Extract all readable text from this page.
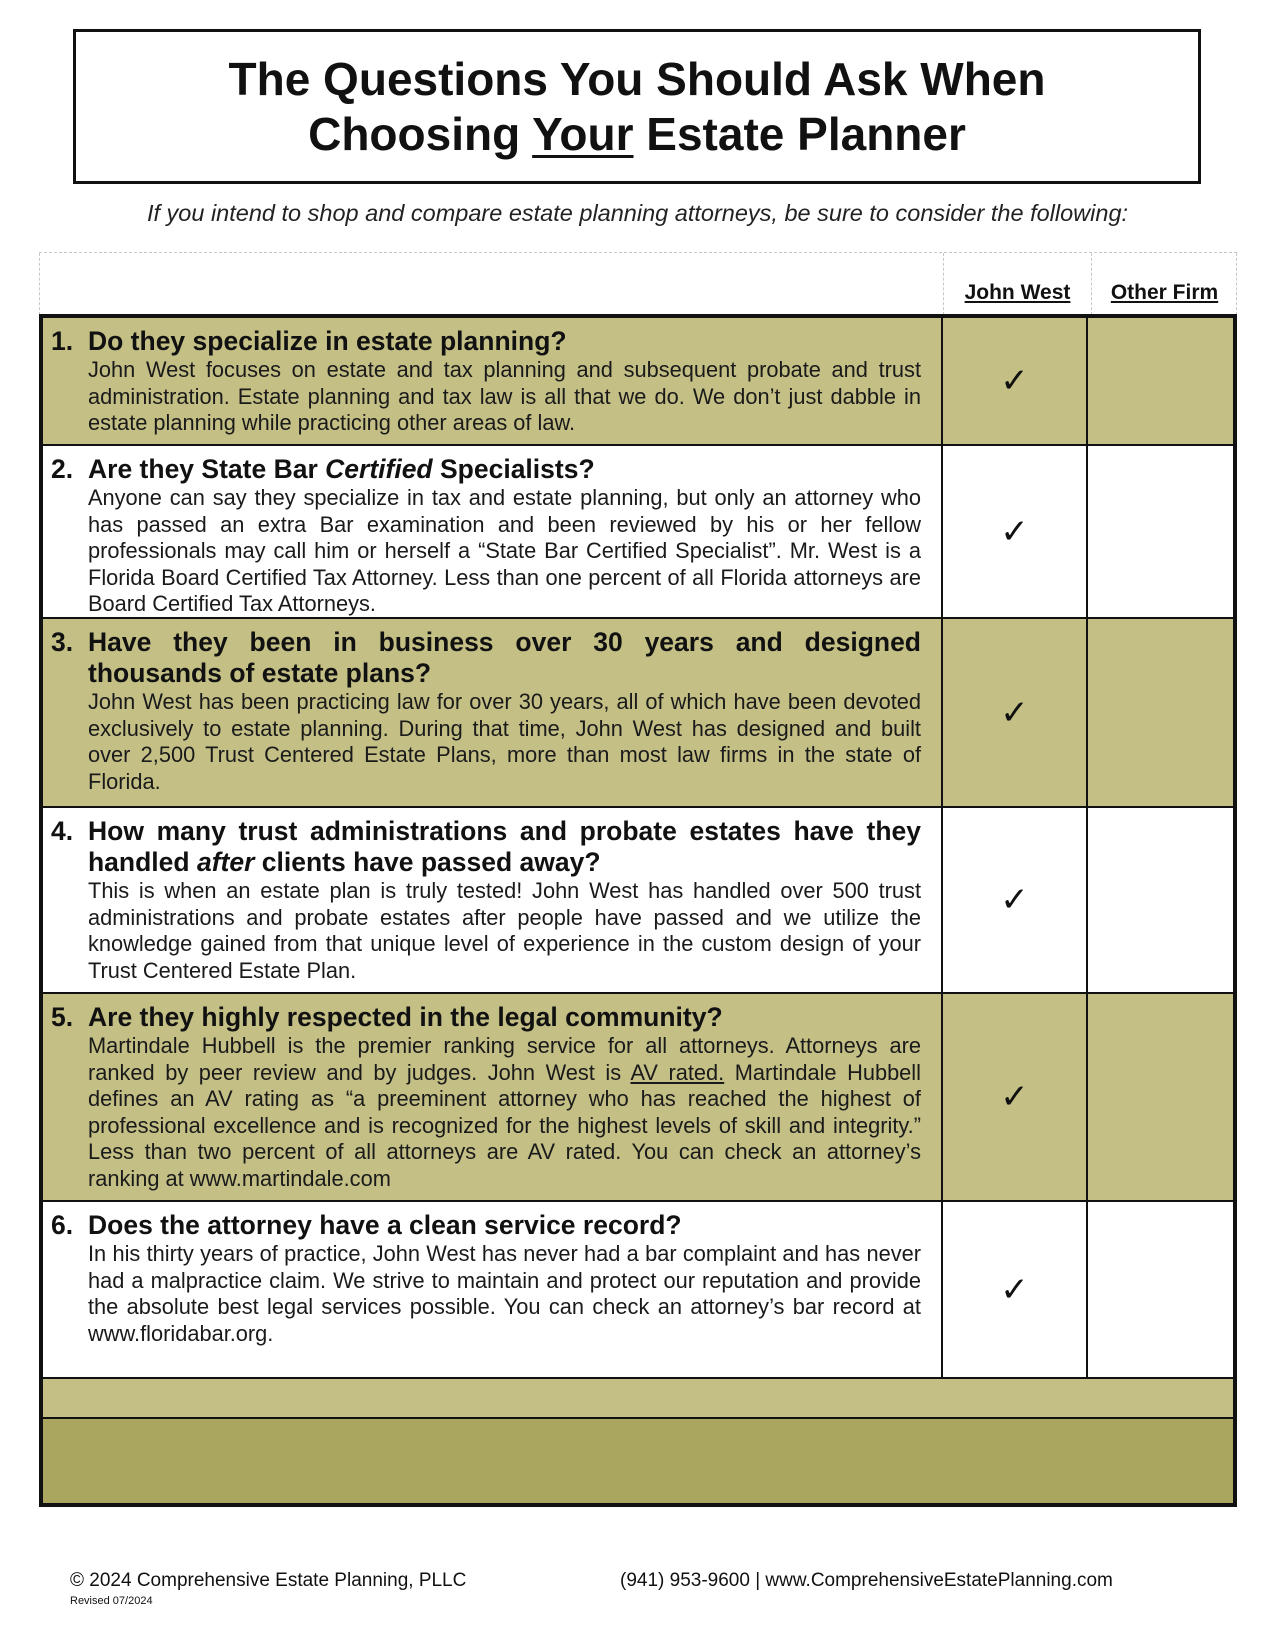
The Questions You Should Ask When
Choosing Your Estate Planner
If you intend to shop and compare estate planning attorneys, be sure to consider the following:
John West	Other Firm
1. Do they specialize in estate planning?
John West focuses on estate and tax planning and subsequent probate and trust administration. Estate planning and tax law is all that we do. We don’t just dabble in estate planning while practicing other areas of law.
✓
2. Are they State Bar Certified Specialists?
Anyone can say they specialize in tax and estate planning, but only an attorney who has passed an extra Bar examination and been reviewed by his or her fellow professionals may call him or herself a “State Bar Certified Specialist”. Mr. West is a Florida Board Certified Tax Attorney. Less than one percent of all Florida attorneys are Board Certified Tax Attorneys.
✓
3. Have they been in business over 30 years and designed thousands of estate plans?
John West has been practicing law for over 30 years, all of which have been devoted exclusively to estate planning. During that time, John West has designed and built over 2,500 Trust Centered Estate Plans, more than most law firms in the state of Florida.
✓
4. How many trust administrations and probate estates have they handled after clients have passed away?
This is when an estate plan is truly tested! John West has handled over 500 trust administrations and probate estates after people have passed and we utilize the knowledge gained from that unique level of experience in the custom design of your Trust Centered Estate Plan.
✓
5. Are they highly respected in the legal community?
Martindale Hubbell is the premier ranking service for all attorneys. Attorneys are ranked by peer review and by judges. John West is AV rated. Martindale Hubbell defines an AV rating as “a preeminent attorney who has reached the highest of professional excellence and is recognized for the highest levels of skill and integrity.” Less than two percent of all attorneys are AV rated. You can check an attorney’s ranking at www.martindale.com
✓
6. Does the attorney have a clean service record?
In his thirty years of practice, John West has never had a bar complaint and has never had a malpractice claim. We strive to maintain and protect our reputation and provide the absolute best legal services possible. You can check an attorney’s bar record at www.floridabar.org.
✓
© 2024 Comprehensive Estate Planning, PLLC
Revised 07/2024
(941) 953-9600 | www.ComprehensiveEstatePlanning.com
